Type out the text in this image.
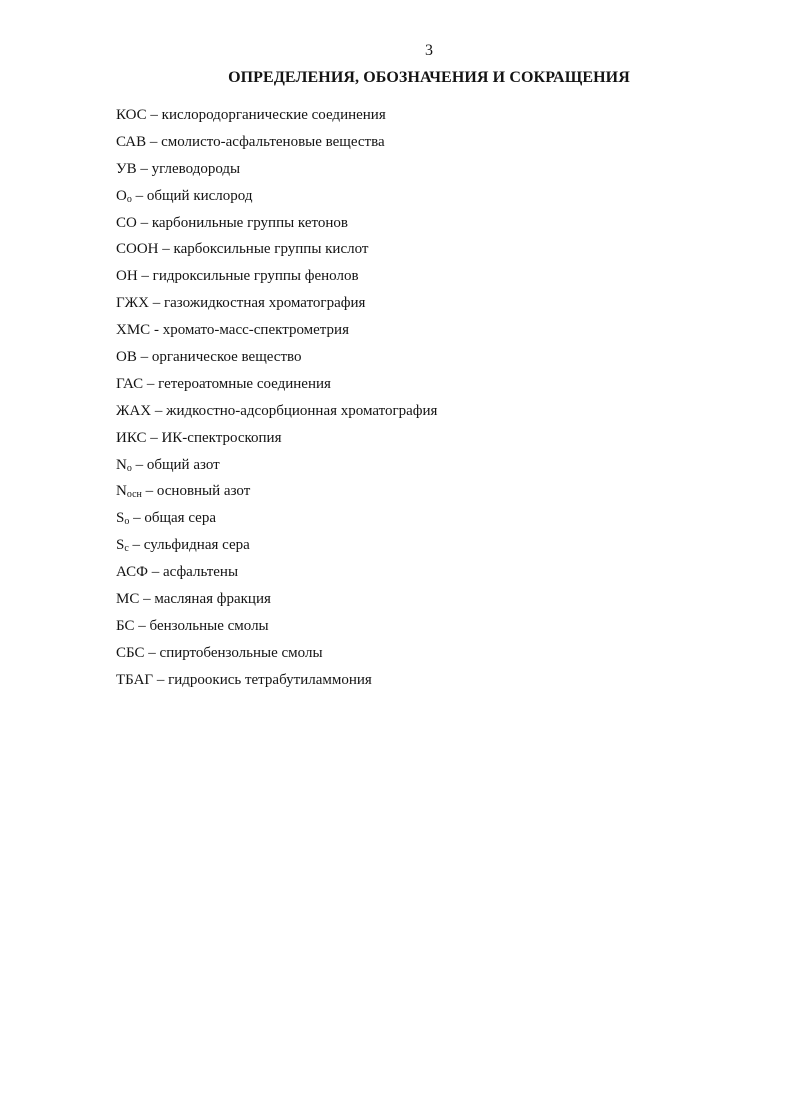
3
ОПРЕДЕЛЕНИЯ, ОБОЗНАЧЕНИЯ И СОКРАЩЕНИЯ
КОС – кислородорганические соединения
САВ – смолисто-асфальтеновые вещества
УВ – углеводороды
$O_o$ – общий кислород
СО – карбонильные группы кетонов
СООН – карбоксильные группы кислот
ОН – гидроксильные группы фенолов
ГЖХ – газожидкостная хроматография
ХМС - хромато-масс-спектрометрия
ОВ – органическое вещество
ГАС – гетероатомные соединения
ЖАХ – жидкостно-адсорбционная хроматография
ИКС – ИК-спектроскопия
$N_o$ – общий азот
$N_{осн}$ – основный азот
$S_o$ – общая сера
$S_c$ – сульфидная сера
АСФ – асфальтены
МС – масляная фракция
БС – бензольные смолы
СБС – спиртобензольные смолы
ТБАГ – гидроокись тетрабутиламмония
